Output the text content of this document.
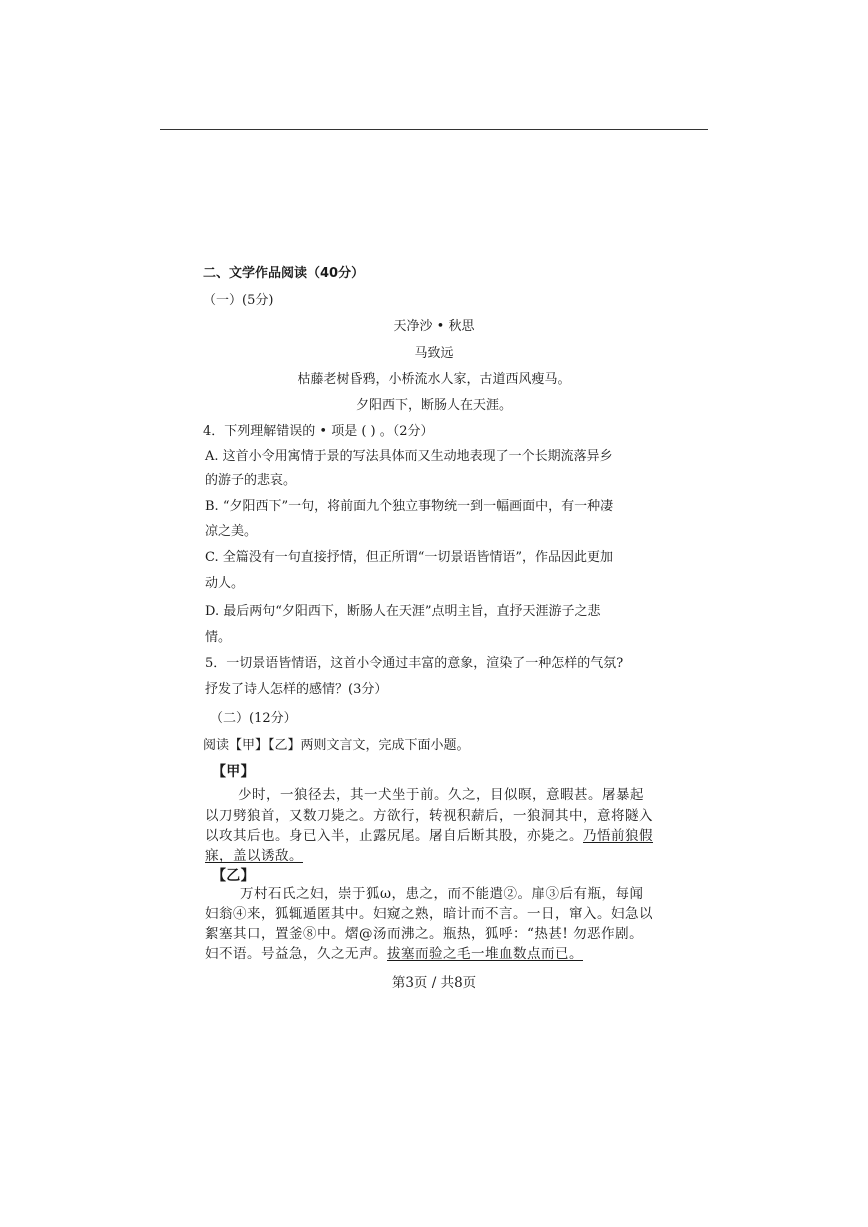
二、文学作品阅读（40分）

（一）(5分)

天净沙 • 秋思

马致远

枯藤老树昏鸦，小桥流水人家，古道西风瘦马。

夕阳西下，断肠人在天涯。

4．下列理解错误的 • 项是 ( ) 。（2分）

A. 这首小令用寓情于景的写法具体而又生动地表现了一个长期流落异乡

的游子的悲哀。

B. “夕阳西下”一句，将前面九个独立事物统一到一幅画面中，有一种凄

凉之美。

C. 全篇没有一句直接抒情，但正所谓“一切景语皆情语”，作品因此更加

动人。

D. 最后两句“夕阳西下，断肠人在天涯”点明主旨，直抒天涯游子之悲

情。

5．一切景语皆情语，这首小令通过丰富的意象，渲染了一种怎样的气氛?

抒发了诗人怎样的感情？(3分）

（二）(12分）

阅读【甲】【乙】两则文言文，完成下面小题。

【甲】

少时，一狼径去，其一犬坐于前。久之，目似暝，意暇甚。屠暴起

以刀劈狼首，又数刀毙之。方欲行，转视积薪后，一狼洞其中，意将隧入

以攻其后也。身已入半，止露尻尾。屠自后断其股，亦毙之。乃悟前狼假

寐，盖以诱敌。

【乙】

万村石氏之妇，崇于狐ω，患之，而不能遣②。扉③后有瓶，每闻

妇翁④来，狐辄遁匿其中。妇窥之熟，暗计而不言。一日，窜入。妇急以

絮塞其口，置釜⑧中。熠@汤而沸之。瓶热，狐呼：“热甚! 勿恶作剧。

妇不语。号益急，久之无声。拔塞而验之毛一堆血数点而已。

第3页 / 共8页
